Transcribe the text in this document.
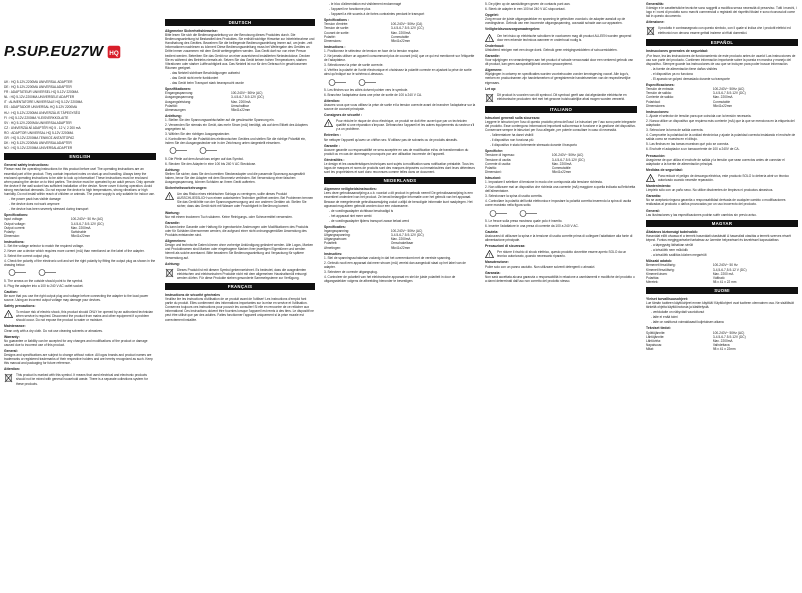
P.SUP.EU27W HQ
UK : HQ 5-12V-2200MA UNIVERSAL ADAPTER
DE : HQ 5-12V-2200MA UNIVERSALADAPTER
FR : ADAPTATEUR UNIVERSEL HQ 5-12V 2200MA
NL : HQ 5-12V-2200MA UNIVERSELE ADAPTER
IT : ALIMENTATORE UNIVERSALE HQ 5-12V 2200MA
ES : ADAPTADOR UNIVERSAL HQ 5-12V 2200MA
HU : HQ 5-12V-2200MA UNIVERZÁLIS TÁPEGYSÉG
FI : HQ 5-12V-2200MA YLEISVERKKOLAITE
SV : HQ 5-12V-2200MA UNIVERSALADAPTER
CZ : UNIVERZÁLNÍ ADAPTÉR HQ 5 - 12 V, 2 200 mA
RO : ADAPTOR UNIVERSAL HQ 5-12V 2200MA
GR : HQ 5-12V-2200MA ΓΕΝΙΚΟΣ ΑΝΤΑΠΤΟΡΑΣ
DK : HQ 5-12V-2200MA UNIVERSALADAPTER
NO : HQ 5-12V-2200MA UNIVERSALADAPTER
ENGLISH
General safety instructions:
Please read the operating instructions for this product before use! The operating instructions are an essential part of the product. They contain important notes on start-up and handling. Always keep the enclosed operating instructions to be able to look up information! These instructions must be enclosed when passing the device on to third parties. The device must be operated by an adult person. Only operate the device if the wall socket has sufficient installation of the device. Never cover it during operation. Avoid strong mechanical demands. Do not expose the device to high temperatures, strong vibrations or high humidity. Do not install within reach of children or animals. The power supply is only suitable for indoor use.
- the power pack has visible damage
- the device does not work anymore
- the device has been severely stressed during transport
Specifications:
Input voltage:	100-240V~ 50 Hz (AC)
Output voltage:	3-4.5-6-7.5-9-12V (DC)
Output current:	Max. 2200mA
Polarity:	Switchable
Dimension:	98x41x22mm
Instructions:
1. Set the voltage selector to match the required voltage.
2. Never use a device which requires more current (mA) than mentioned on the label of the adapter.
3. Select the correct output plug.
4. Check the polarity of the electronic unit and set the right polarity by fitting the output plug as shown in the drawing below.
5. The arrows on the outside should point to the symbol.
6. Plug the adapter into a 100 to 240 V AC outlet socket.
Caution:
Be sure that you use the right output plug and voltage before connecting the adapter to the load power source. Using an incorrect output voltage may damage your devices.
Safety precautions:
!
To reduce risk of electric shock, this product should ONLY be opened by an authorized technician when service is required. Disconnect the product from mains and other equipment if a problem should occur. Do not expose the product to water or moisture.
Maintenance:
Clean only with a dry cloth. Do not use cleaning solvents or abrasives.
Warranty:
No guarantee or liability can be accepted for any changes and modifications of the product or damage caused due to incorrect use of this product.
General:
Designs and specifications are subject to change without notice. All logos brands and product names are trademarks or registered trademarks of their respective holders and are hereby recognized as such. Keep this manual and packaging for future reference.
Attention:
This product is marked with this symbol. It means that used electrical and electronic products should not be mixed with general household waste. There is a separate collections system for these products.
DEUTSCH
Allgemeine Sicherheitshinweise:
Bitte lesen Sie sich die Bedienungsanleitung vor der Benutzung dieses Produktes durch. Die Bedienungsanleitung ist Bestandteil des Produktes. Sie enthält wichtige Hinweise zur Inbetriebnahme und Handhabung des Gerätes. Bewahren Sie die beiliegende Bedienungsanleitung immer auf, um jeder- zeit Informationen nachlesen zu können! Diese Bedienungsanleitung muss bei Weitergabe des Gerätes an Dritte immer zusammen mit dem Gerät weitergegeben werden. Das Gerät darf nur von einer Person bedient werden. Betreiben Sie das Gerät nur an einer ausreichend installierten Netzsteckdose. Decken Sie es während des Betriebs niemals ab. Setzen Sie das Gerät keinen hohen Temperaturen, starken Vibrationen oder starker Luftfeuchtigkeit aus. Das Netzteil ist nur für den Gebrauch in geschlossenen Räumen geeignet.
- das Netzteil sichtbare Beschädigungen aufweist
- das Gerät nicht mehr funktioniert
- das Gerät beim Transport stark beansprucht wurde
Spezifikationen:
Eingangsspannung:	100-240V~ 50Hz (AC)
Ausgangsspannung:	3-4.5-6-7.5-9-12V (DC)
Ausgangsleistung:	Max. 2200mA
Polarität:	Umschaltbar
Abmessungen:	98x41x22mm
Anleitung:
1. Stellen Sie den Spannungswahlschalter auf die gewünschte Spannung ein.
2. Verwenden Sie niemals ein Gerät, das mehr Strom (mA) benötigt, als auf dem Etikett des Adapters angegeben ist.
3. Wählen Sie den richtigen Ausgangsstecker.
4. Kontrollieren Sie die Polarität des elektronischen Gerätes und stellen Sie die richtige Polarität ein, indem Sie den Ausgangsstecker wie in der Zeichnung unten dargestellt einsetzen.
5. Die Pfeile auf dem Anschluss zeigen auf das Symbol.
6. Stecken Sie den Adapter in eine 100 bis 240 V AC Steckdose.
Achtung:
Stellen Sie sicher, dass Sie den korrekten Steckeradapter und die passende Spannung ausgewählt haben, bevor Sie den Adapter mit dem Stromnetz verbinden. Bei Verwendung einer falschen Ausgangsspannung, können Schäden an Ihrem Gerät auftreten.
Sicherheitsvorkehrungen:
!
Um das Risiko eines elektrischen Schlags zu verringern, sollte dieses Produkt AUSSCHLIESSLICH von einem autorisierten Techniker geöffnet werden. Bei Problemen trennen Sie das Gerät bitte von der Spannungsversorgung und von anderen Geräten ab. Stellen Sie sicher, dass das Gerät nicht mit Wasser oder Feuchtigkeit in Berührung kommt.
Wartung:
Nur mit einem trockenen Tuch säubern. Keine Reinigungs- oder Scheuermittel verwenden.
Garantie:
Es kann keine Garantie oder Haftung für irgendwelche Änderungen oder Modifikationen des Produkts oder für Schäden übernommen werden, die aufgrund einer nicht ordnungsgemäßen Anwendung des Produkts entstanden sind.
Allgemeines:
Design und technische Daten können ohne vorherige Ankündigung geändert werden. Alle Logos, Marken und Produktnamen sind Marken oder eingetragene Marken ihrer jeweiligen Eigentümer und werden hiermit als solche anerkannt. Bitte bewahren Sie Bedienungsanleitung und Verpackung für spätere Verwendung auf.
Achtung:
Dieses Produkt ist mit diesem Symbol gekennzeichnet. Es bedeutet, dass die ausgedienten elektrischen und elektronischen Produkte nicht mit dem allgemeinen Haushaltsmüll entsorgt werden dürfen. Für diese Produkte stehen gesonderte Sammelsysteme zur Verfügung.
FRANÇAIS
Instructions de sécurité générales
Veuillez lire les instructions d'utilisation de ce produit avant de l'utiliser! Les instructions d'emploi font partie du produit. Elles contiennent des informations importantes sur la mise en service et l'utilisation. Conservez toujours ces instructions pour pouvoir les consulter! Si elle en rencontre de ce relâcher aux informations! Ces instructions doivent être fournies lorsque l'appareil est remis à des tiers. Le dispositif ne peut être utilisé que par des adultes. Faites fonctionner l'appareil uniquement si la prise murale est correctement installée.
- le bloc d'alimentation est visiblement endommagé
- l'appareil ne fonctionne plus
- l'appareil a été soumis à de fortes contraintes pendant le transport
Spécifications :
Tension d'entrée:	100-240V~ 50Hz (CA)
Tension de sortie:	3-4.5-6-7.5-9-12V (CC)
Courant de sortie:	Max. 2200mA
Polarité:	Commutable
Dimensions:	98x41x22mm
Instructions :
1. Positionnez le sélecteur de tension en face de la tension requise.
2. Ne jamais utiliser un appareil consommant plus de courant (mA) que ce qui est mentionné sur l'étiquette de l'adaptateur.
3. Sélectionnez la prise de sortie correcte.
4. Vérifiez la polarité de l'unité électronique et choisissez la polarité correcte en ajustant la prise de sortie ainsi qu'indiqué sur le schéma ci-dessous.
5. Les flèches sur les côtés doivent pointer vers le symbole.
6. Branchez l'adaptateur dans une prise de sortie de 100 à 240 V CA.
Attention:
Assurez-vous que vous utilisez la prise de sortie et la tension correcte avant de brancher l'adaptateur sur la source de courant principale.
Consignes de sécurité :
!
Pour réduire le risque de choc électrique, ce produit ne doit être ouvert que par un technicien qualifié si une réparation s'impose. Débranchez l'appareil et les autres équipements du secteur s'il y a un problème.
Entretien :
Ne nettoyer l'appareil qu'avec un chiffon sec. N'utilisez pas de solvants ou de produits abrasifs.
Garantie :
Aucune garantie ou responsabilité ne sera acceptée en cas de modification et/ou de transformation du produit ou en cas de dommages provoqués par une utilisation incorrecte de l'appareil.
Généralités :
Le design et les caractéristiques techniques sont sujets à modification sans notification préalable. Tous les logos de marques et noms de produits sont des marques déposées ou immatriculées dont leurs détenteurs sont les propriétaires et sont donc reconnues comme telles dans ce document.
NEDERLANDS
Algemene veiligheidsinstructies:
Lees deze gebruiksaanwijzing a.u.b. voordat u dit product in gebruik neemt! De gebruiksaanwijzing is een essentieel onderdeel van het product. Ze bevat belangrijke informatie over het gebruik van het apparaat. Bewaar de meegeleverde gebruiksaanwijzing zodat u altijd de benodigde informatie kunt raadplegen. Het apparaat mag alleen gebruikt worden door een volwassene.
- de voedingsadapter zichtbaar beschadigd is
- het apparaat niet meer werkt
- de voedingsadapter tijdens transport zwaar belast werd
Specificaties:
Ingangsspanning:	100-240V~ 50Hz (AC)
Uitgangsspanning:	3-4.5-6-7.5-9-12V (DC)
Uitgangsstroom:	Max. 2200mA
Polariteit:	Omschakelbaar
Afmetingen:	98x41x22mm
Instructies:
1. Stel de spanningsschakelaar zodanig in dat het overeenkomt met de vereiste spanning.
2. Gebruik nooit een apparaat dat meer stroom (mA) vereist dan aangeduid staat op het label van de adapter.
3. Selecteer de correcte uitgangsplug.
4. Controleer de polariteit van het elektronische apparaat en stel de juiste polariteit in door de uitgangsstekker volgens de afbeelding hieronder te bevestigen.
5. De pijlen op de aansluitingen geven de contacts punt aan.
6. Steek de adapter in een 100 tot 240 V AC stopcontact.
Opgelet:
Zorg ervoor de juiste uitgangsstekker en spanning te gebruiken voordat u de adapter aansluit op de voedingsbron. Gebruik van een incorrecte uitgangsspanning, oorzaakt schade aan uw apparaten.
Veiligheidsvoorzorgsmaatregelen:
!
Om het risico op elektrische schokken te voorkomen mag dit product ALLEEN worden geopend door een erkende technicus wanneer er onderhoud nodig is.
Onderhoud:
Uitsluitend reinigen met een droge doek. Gebruik geen reinigingsmiddelen of schuurmiddelen.
Garantie:
Voor wijzigingen en veranderingen aan het product of schade veroorzaakt door een verkeerd gebruik van dit product, kan geen aansprakelijkheid worden geaccepteerd.
Algemeen:
Wijzigingen in ontwerp en specificaties worden voorbehouden zonder kennisgeving vooraf. Alle logo's, merken en productnamen zijn handelsmerken of geregistreerde handelsmerken van de respectievelijke eigenaars.
Let op:
Dit product is voorzien van dit symbool. Dit symbool geeft aan dat afgedankte elektrische en elektronische producten niet met het gewone huishoudelijke afval mogen worden verwerkt.
ITALIANO
Istruzioni generali sulla sicurezza:
Leggere le istruzioni per l'uso di questo prodotto prima dell'uso! Le istruzioni per l'uso sono parte integrante del prodotto. Esse contengono informazioni importanti sulla messa in funzione e la gestione del dispositivo. Conservare sempre le istruzioni per l'uso allegate, per poterle consultare in caso di necessità.
- l'alimentatore ha danni visibili
- il dispositivo non funziona più
- il dispositivo è stato fortemente stressato durante il trasporto
Specifiche:
Tensione di ingresso:	100-240V~ 50Hz (AC)
Tensione di uscita:	3-4.5-6-7.5-9-12V (DC)
Corrente di uscita:	Max. 2200mA
Polarità:	Commutabile
Dimensioni:	98x41x22mm
Istruzioni:
1. Impostare il selettore di tensione in modo che corrisponda alla tensione richiesta.
2. Non utilizzare mai un dispositivo che richieda una corrente (mA) maggiore a quella indicata sull'etichetta dell'alimentatore.
3. Selezionare la spina di uscita corretta.
4. Controllare la polarità dell'unità elettronica e impostare la polarità corretta inserendo la spina di uscita come mostrato nella figura sotto.
5. Le frecce sulla presa mostrano quale polo è inserito.
6. Inserire l'adattatore in una presa di corrente da 100 a 240 V AC.
Cautela:
Assicurarsi di utilizzare la spina e la tensione di uscita corrette prima di collegare l'adattatore alla fonte di alimentazione principale.
Precauzioni di sicurezza:
!
Per ridurre il rischio di shock elettrico, questo prodotto dovrebbe essere aperto SOLO da un tecnico autorizzato, quando necessario ripararlo.
Manutenzione:
Pulire solo con un panno asciutto. Non utilizzare solventi detergenti o abrasivi.
Garanzia:
Non sarà accettata alcuna garanzia o responsabilità in relazione a cambiamenti e modifiche del prodotto o a danni determinati dall'uso non corretto del prodotto stesso.
Generalità:
Il design e le caratteristiche tecniche sono soggetti a modifica senza necessità di preavviso. Tutti i marchi, i logo e i nomi di prodotto sono marchi commerciali o registrati dei rispettivi titolari e sono riconosciuti come tali in questo documento.
Attenzione:
Il prodotto è contrassegnato con questo simbolo, con il quale si indica che i prodotti elettrici ed elettronici non devono essere gettati insieme ai rifiuti domestici.
ESPAÑOL
Instrucciones generales de seguridad:
¡Por favor, lea las instrucciones de funcionamiento de este producto antes de usarlo! Las instrucciones de uso son parte del producto. Contienen información importante sobre la puesta en marcha y manejo del dispositivo. Siempre guarde las instrucciones de uso que se incluyen para poder buscar información.
- la fuente de alimentación tiene daños visibles
- el dispositivo ya no funciona
- El aparato se golpeó demasiado durante su transporte
Especificaciones:
Tensión de entrada:	100-240V~ 50Hz (AC)
Tensión de salida:	3-4.5-6-7.5-9-12V (DC)
Corriente de salida:	Max. 2200mA
Polaridad:	Conmutable
Dimensiones:	98x41x22mm
Instrucciones:
1. Ajuste el selector de tensión para que coincida con la tensión necesaria.
2. Nunca utilice un dispositivo que requiera más corriente (mA) que la que se menciona en la etiqueta del adaptador.
3. Seleccione la toma de salida correcta.
4. Compruebe la polaridad de la unidad electrónica y ajuste la polaridad correcta instalando el enchufe de salida como se muestra en el dibujo.
5. Las flechas en las tomas muestran qué polo se conecta.
6. Enchufe el adaptador a un tomacorriente de 100 a 240V de CA.
Precaución:
Asegúrese de que utiliza el enchufe de salida y la tensión que sean correctos antes de conectar el adaptador a la fuente de alimentación principal.
Medidas de seguridad:
!
Para reducir el peligro de descarga eléctrica, este producto SOLO lo debería abrir un técnico autorizado cuando necesite reparación.
Mantenimiento:
Límpielo sólo con un paño seco. No utilice disolventes de limpieza ni productos abrasivos.
Garantía:
No se aceptará ninguna garantía o responsabilidad derivada de cualquier cambio o modificaciones realizadas al producto o daños provocados por un uso incorrecto del producto.
General:
Las ilustraciones y las especificaciones podrán sufrir cambios sin previo aviso.
MAGYAR
Általános biztonsági tudnivalók:
Használat előtt olvassa el a termék használati utasítását! A használati utasítás a termék szerves részét képezi. Fontos megjegyzéseket tartalmaz az üzembe helyezéssel és kezeléssel kapcsolatban.
- a tápegység láthatóan sérült
- a készülék nem működik
- a készülék szállítás közben megsérült
Műszaki adatok:
Bemeneti feszültség:	100-240V~ 50 Hz
Kimeneti feszültség:	3-4,5-6-7,5-9-12 V (DC)
Kimeneti áram:	Max. 2200 mA
Polaritás:	Váltható
Méretek:	98 x 41 x 22 mm
SUOMI
Yleiset turvallisuusohjeet:
Lue tämän tuotteen käyttöohjeet ennen käyttöä! Käyttöohjeet ovat tuotteen olennainen osa. Ne sisältävät tärkeitä ohjeita käyttöönotosta ja käsittelystä.
- verkkolaite on näkyvästi vaurioitunut
- laite ei enää toimi
- laite on rasittunut voimakkaasti kuljetuksen aikana
Tekniset tiedot:
Syöttöjännite:	100-240V~ 50Hz (AC)
Lähtöjännite:	3-4.5-6-7.5-9-12V (DC)
Lähtövirta:	Max. 2200mA
Napaisuus:	Vaihdettava
Mitat:	98 x 41 x 22mm
